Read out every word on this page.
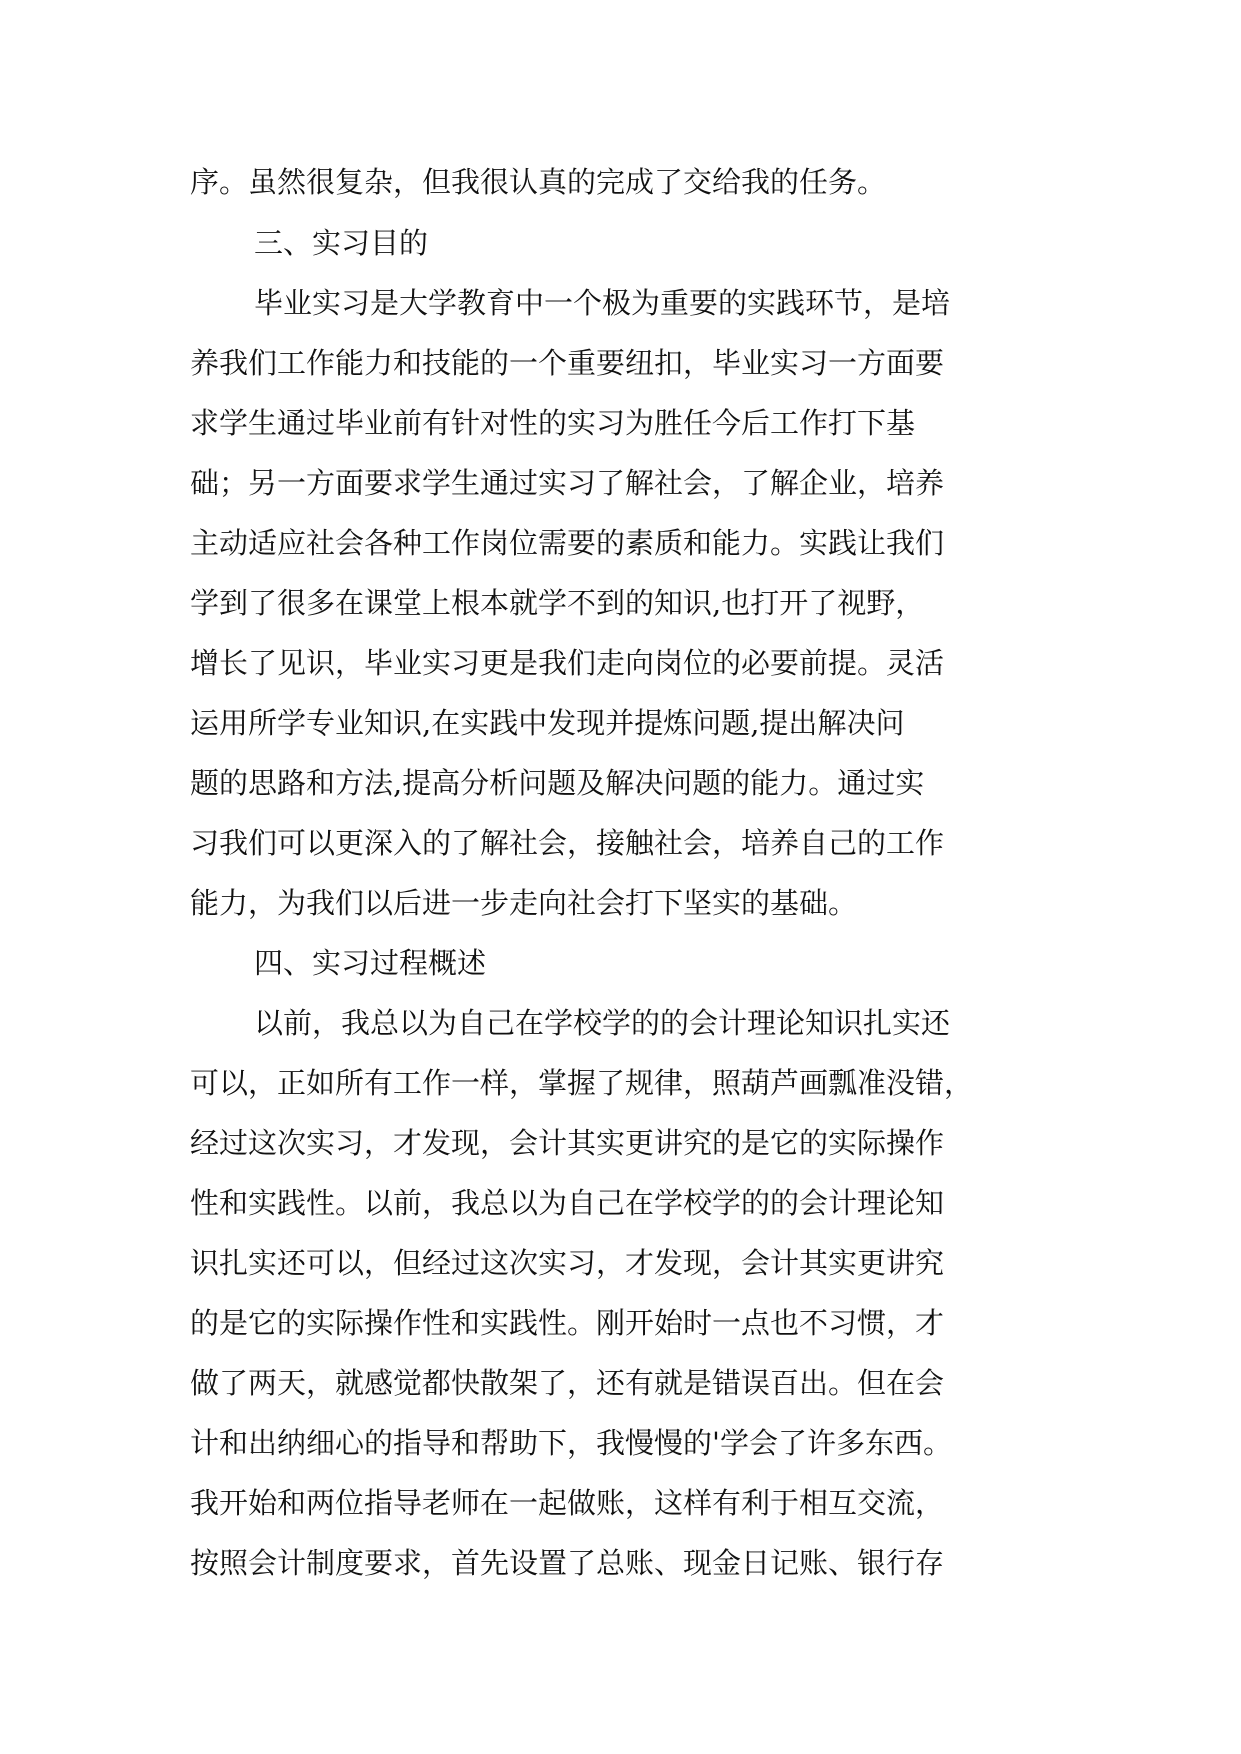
序。虽然很复杂，但我很认真的完成了交给我的任务。
三、实习目的
毕业实习是大学教育中一个极为重要的实践环节，是培
养我们工作能力和技能的一个重要纽扣，毕业实习一方面要
求学生通过毕业前有针对性的实习为胜任今后工作打下基
础；另一方面要求学生通过实习了解社会，了解企业，培养
主动适应社会各种工作岗位需要的素质和能力。实践让我们
学到了很多在课堂上根本就学不到的知识,也打开了视野，
增长了见识，毕业实习更是我们走向岗位的必要前提。灵活
运用所学专业知识,在实践中发现并提炼问题,提出解决问
题的思路和方法,提高分析问题及解决问题的能力。通过实
习我们可以更深入的了解社会，接触社会，培养自己的工作
能力，为我们以后进一步走向社会打下坚实的基础。
四、实习过程概述
以前，我总以为自己在学校学的的会计理论知识扎实还
可以，正如所有工作一样，掌握了规律，照葫芦画瓢准没错，
经过这次实习，才发现，会计其实更讲究的是它的实际操作
性和实践性。以前，我总以为自己在学校学的的会计理论知
识扎实还可以，但经过这次实习，才发现，会计其实更讲究
的是它的实际操作性和实践性。刚开始时一点也不习惯，才
做了两天，就感觉都快散架了，还有就是错误百出。但在会
计和出纳细心的指导和帮助下，我慢慢的'学会了许多东西。
我开始和两位指导老师在一起做账，这样有利于相互交流，
按照会计制度要求，首先设置了总账、现金日记账、银行存
